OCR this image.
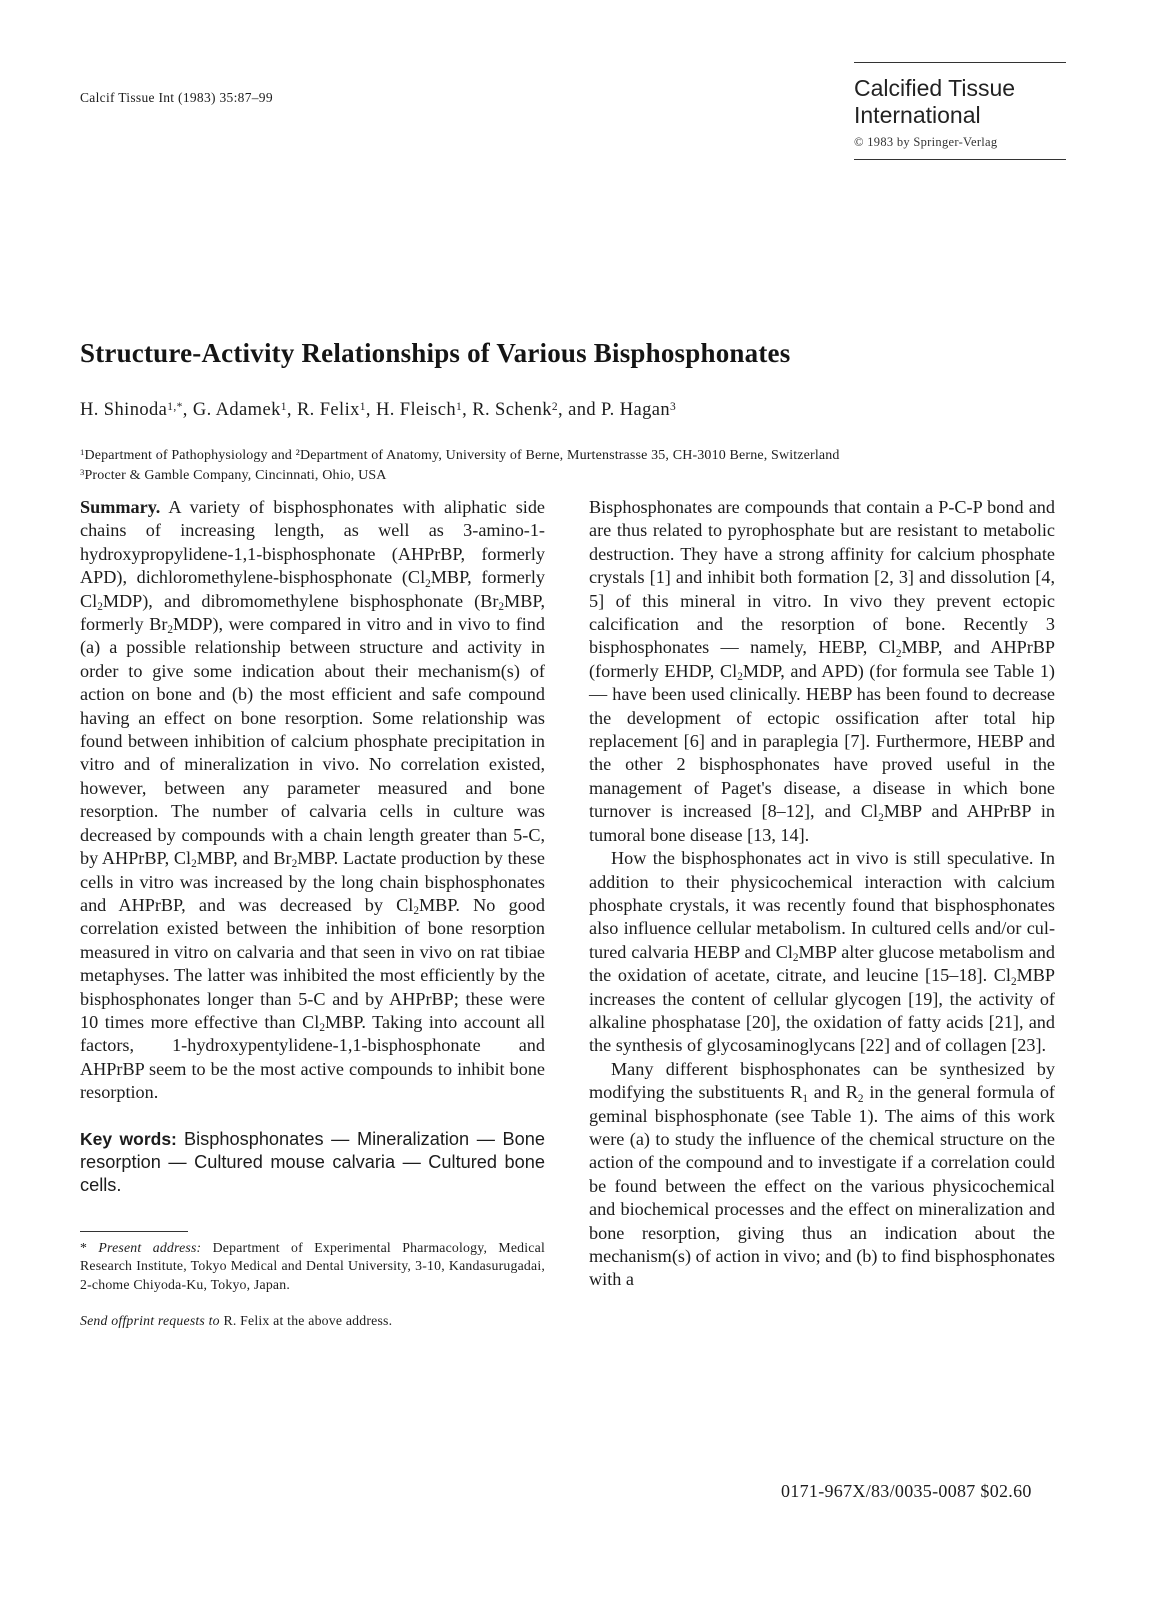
Calcif Tissue Int (1983) 35:87–99	Calcified Tissue
International
© 1983 by Springer-Verlag
Structure-Activity Relationships of Various Bisphosphonates
H. Shinoda$^{1,*}$, G. Adamek$^1$, R. Felix$^1$, H. Fleisch$^1$, R. Schenk$^2$, and P. Hagan$^3$
$^1$Department of Pathophysiology and ²Department of Anatomy, University of Berne, Murtenstrasse 35, CH-3010 Berne, Switzerland
$^3$Procter & Gamble Company, Cincinnati, Ohio, USA

Summary. A variety of bisphosphonates with aliphatic side chains of increasing length, as well as 3-amino-1-hydroxypropylidene-1,1-bisphosphonate (AHPrBP, formerly APD), dichloromethylene-bisphosphonate ($Cl_2MBP$, formerly $Cl_2MDP$), and dibromomethylene bisphosphonate ($Br_2MBP$, formerly $Br_2MDP$), were compared in vitro and in vivo to find (a) a possible relationship between structure and activity in order to give some indication about their mechanism(s) of action on bone and (b) the most efficient and safe compound having an effect on bone resorption. Some relationship was found between inhibition of calcium phosphate precipitation in vitro and of mineralization in vivo. No correlation existed, however, between any parameter measured and bone resorption. The number of calvaria cells in culture was decreased by compounds with a chain length greater than 5-C, by AHPrBP, $Cl_2MBP$, and $Br_2MBP$. Lactate production by these cells in vitro was increased by the long chain bisphosphonates and AHPrBP, and was decreased by $Cl_2MBP$. No good correlation existed between the inhibition of bone resorption measured in vitro on calvaria and that seen in vivo on rat tibiae metaphyses. The latter was inhibited the most efficiently by the bisphosphonates longer than 5-C and by AHPrBP; these were 10 times more effective than $Cl_2MBP$. Taking into account all factors, 1-hydroxypentylidene-1,1-bisphosphonate and AHPrBP seem to be the most active compounds to inhibit bone resorption.

Key words: Bisphosphonates — Mineralization — Bone resorption — Cultured mouse calvaria — Cultured bone cells.

* Present address: Department of Experimental Pharmacology, Medical Research Institute, Tokyo Medical and Dental University, 3-10, Kandasurugadai, 2-chome Chiyoda-Ku, Tokyo, Japan.

Send offprint requests to R. Felix at the above address.

Bisphosphonates are compounds that contain a P-C-P bond and are thus related to pyrophosphate but are resistant to metabolic destruction. They have a strong affinity for calcium phosphate crystals [1] and inhibit both formation [2, 3] and dissolution [4, 5] of this mineral in vitro. In vivo they prevent ectopic calcification and the resorption of bone. Recently 3 bisphosphonates — namely, HEBP, $Cl_2MBP$, and AHPrBP (formerly EHDP, $Cl_2MDP$, and APD) (for formula see Table 1) — have been used clinically. HEBP has been found to decrease the development of ectopic ossification after total hip replacement [6] and in paraplegia [7]. Furthermore, HEBP and the other 2 bisphosphonates have proved useful in the management of Paget's disease, a disease in which bone turnover is increased [8–12], and $Cl_2MBP$ and AHPrBP in tumoral bone disease [13, 14].

How the bisphosphonates act in vivo is still speculative. In addition to their physicochemical interaction with calcium phosphate crystals, it was recently found that bisphosphonates also influence cellular metabolism. In cultured cells and/or cultured calvaria HEBP and $Cl_2MBP$ alter glucose metabolism and the oxidation of acetate, citrate, and leucine [15–18]. $Cl_2MBP$ increases the content of cellular glycogen [19], the activity of alkaline phosphatase [20], the oxidation of fatty acids [21], and the synthesis of glycosaminoglycans [22] and of collagen [23].

Many different bisphosphonates can be synthesized by modifying the substituents $R_1$ and $R_2$ in the general formula of geminal bisphosphonate (see Table 1). The aims of this work were (a) to study the influence of the chemical structure on the action of the compound and to investigate if a correlation could be found between the effect on the various physicochemical and biochemical processes and the effect on mineralization and bone resorption, giving thus an indication about the mechanism(s) of action in vivo; and (b) to find bisphosphonates with a

0171-967X/83/0035-0087 $02.60
